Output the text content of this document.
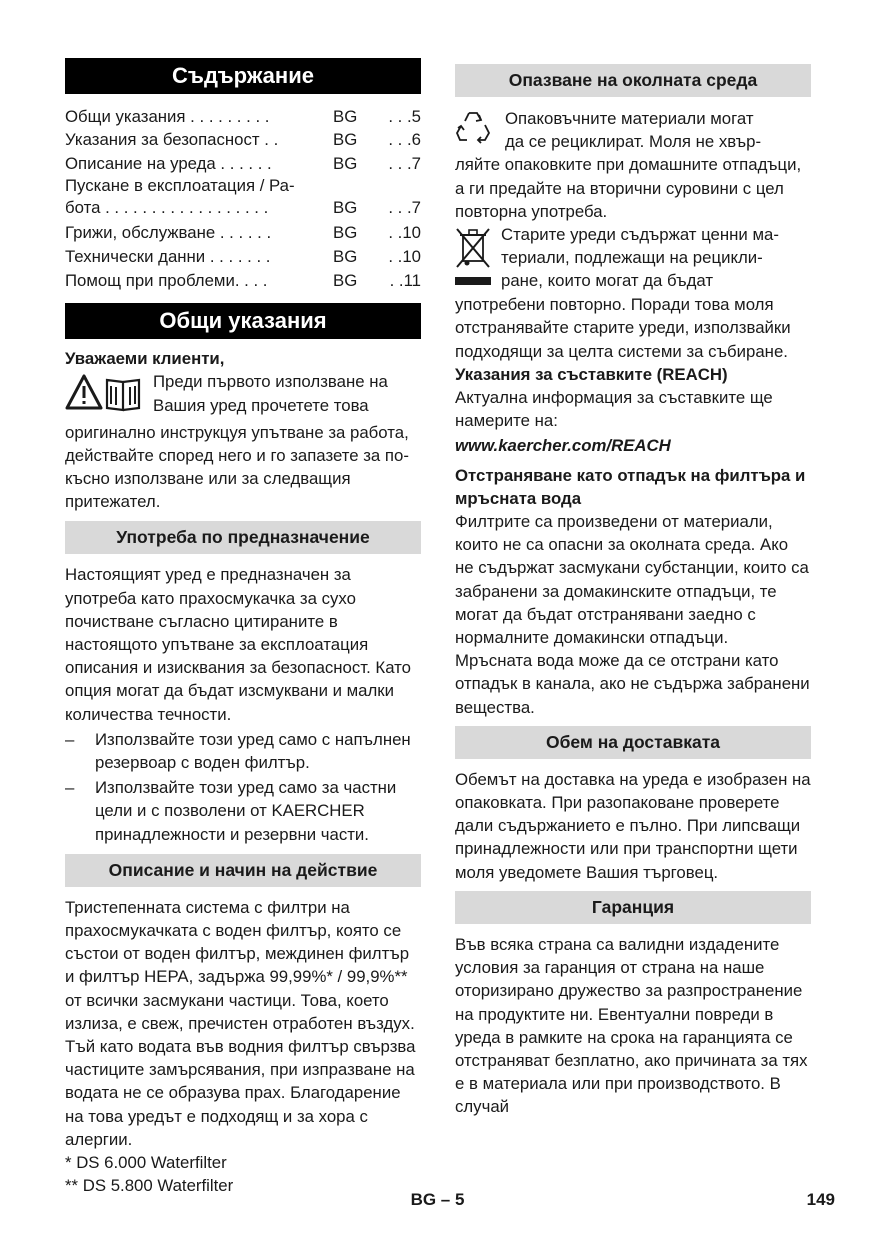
Съдържание
Общи указания . . . . . . . . .	BG	. . .5
Указания за безопасност . .	BG	. . .6
Описание на уреда . . . . . .	BG	. . .7
Пускане в експлоатация / Ра-
бота . . . . . . . . . . . . . . . . . .	BG	. . .7
Грижи, обслужване . . . . . .	BG	. .10
Технически данни . . . . . . .	BG	. .10
Помощ при проблеми. . . .	BG	. .11
Общи указания
Уважаеми клиенти,
Преди първото използване на
Вашия уред прочетете това
оригинално инструкцуя упътване за работа, действайте според него и го запазете за по-късно използване или за следващия притежател.
Употреба по предназначение
Настоящият уред е предназначен за употреба като прахосмукачка за сухо почистване съгласно цитираните в настоящото упътване за експлоатация описания и изисквания за безопасност. Като опция могат да бъдат изсмуквани и малки количества течности.
–	Използвайте този уред само с напълнен резервоар с воден филтър.
–	Използвайте този уред само за частни цели и с позволени от KAERCHER принадлежности и резервни части.
Описание и начин на действие
Тристепенната система с филтри на прахосмукачката с воден филтър, която се състои от воден филтър, междинен филтър и филтър HEPA, задържа 99,99%* / 99,9%** от всички засмукани частици. Това, което излиза, е свеж, пречистен отработен въздух. Тъй като водата във водния филтър свързва частиците замърсявания, при изпразване на водата не се образува прах. Благодарение на това уредът е подходящ и за хора с алергии.
* DS 6.000 Waterfilter
** DS 5.800 Waterfilter
Опазване на околната среда
Опаковъчните материали могат
да се рециклират. Моля не хвър-
ляйте опаковките при домашните отпадъци, а ги предайте на вторични суровини с цел повторна употреба.
Старите уреди съдържат ценни ма-
териали, подлежащи на рецикли-
ране, които могат да бъдат
употребени повторно. Поради това моля отстранявайте старите уреди, използвайки подходящи за целта системи за събиране.
Указания за съставките (REACH)
Актуална информация за съставките ще намерите на:
www.kaercher.com/REACH
Отстраняване като отпадък на филтъра и мръсната вода
Филтрите са произведени от материали, които не са опасни за околната среда. Ако не съдържат засмукани субстанции, които са забранени за домакинските отпадъци, те могат да бъдат отстранявани заедно с нормалните домакински отпадъци.
Мръсната вода може да се отстрани като отпадък в канала, ако не съдържа забранени вещества.
Обем на доставката
Обемът на доставка на уреда е изобразен на опаковката. При разопаковане проверете дали съдържанието е пълно. При липсващи принадлежности или при транспортни щети моля уведомете Вашия търговец.
Гаранция
Във всяка страна са валидни издадените условия за гаранция от страна на наше оторизирано дружество за разпространение на продуктите ни. Евентуални повреди в уреда в рамките на срока на гаранцията се отстраняват безплатно, ако причината за тях е в материала или при производството. В случай
BG – 5	149
